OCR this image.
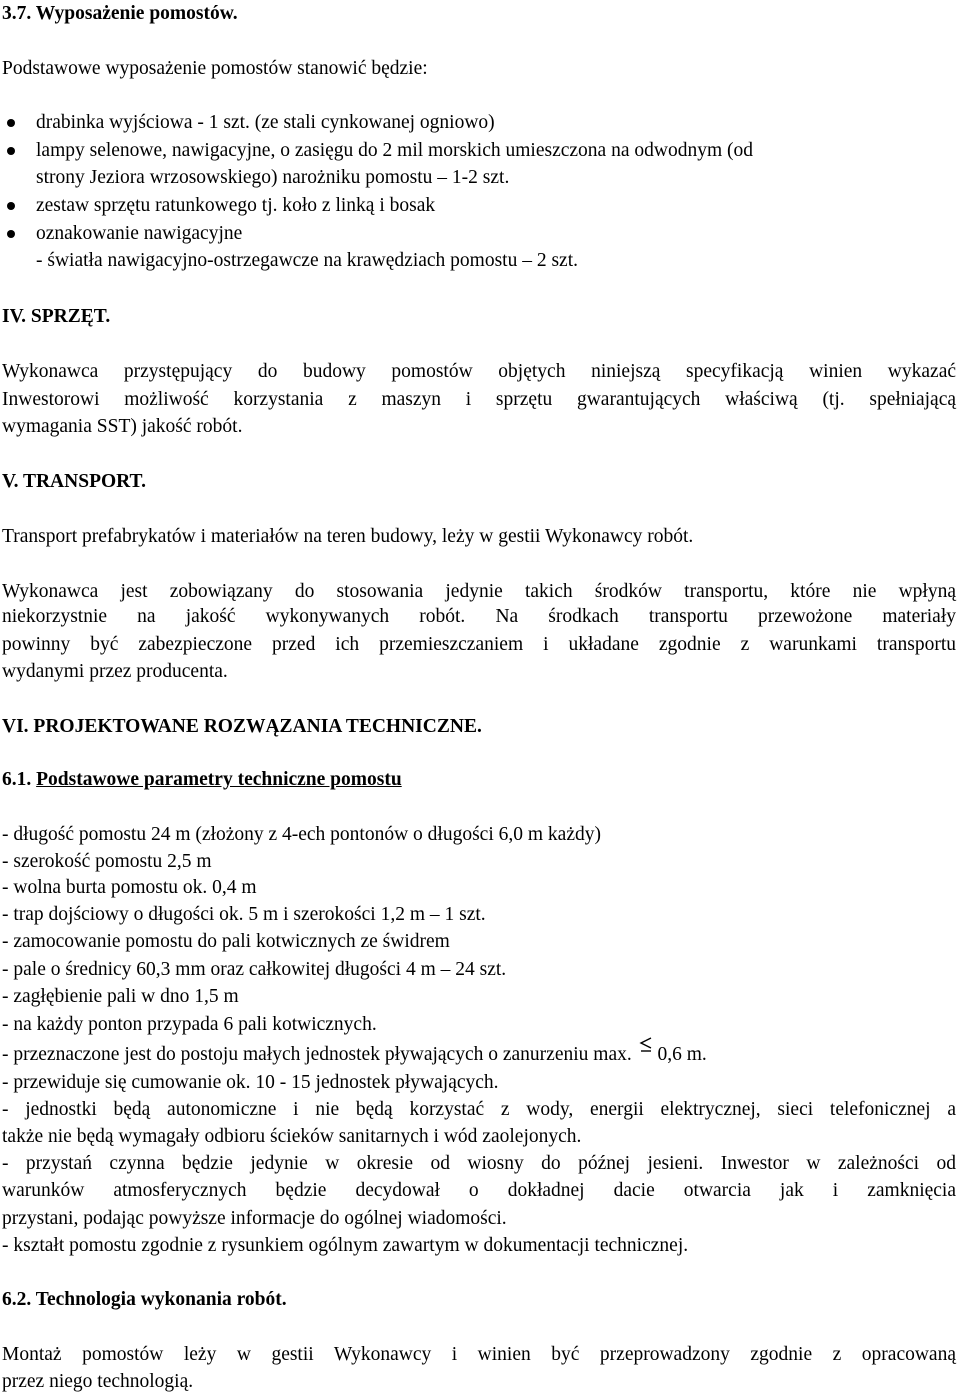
3.7. Wyposażenie pomostów.
Podstawowe wyposażenie pomostów stanowić będzie:
drabinka wyjściowa - 1 szt. (ze stali cynkowanej ogniowo)
lampy selenowe, nawigacyjne, o zasięgu do 2 mil morskich umieszczona na odwodnym (od
strony Jeziora wrzosowskiego) narożniku pomostu – 1-2 szt.
zestaw sprzętu ratunkowego tj. koło z linką i bosak
oznakowanie nawigacyjne
- światła nawigacyjno-ostrzegawcze na krawędziach pomostu – 2 szt.
IV. SPRZĘT.
Wykonawca przystępujący do budowy pomostów objętych niniejszą specyfikacją winien wykazać
Inwestorowi możliwość korzystania z maszyn i sprzętu gwarantujących właściwą (tj. spełniającą
wymagania SST) jakość robót.
V. TRANSPORT.
Transport prefabrykatów i materiałów na teren budowy, leży w gestii Wykonawcy robót.
Wykonawca jest zobowiązany do stosowania jedynie takich środków transportu, które nie wpłyną
niekorzystnie na jakość wykonywanych robót. Na środkach transportu przewożone materiały
powinny być zabezpieczone przed ich przemieszczaniem i układane zgodnie z warunkami transportu
wydanymi przez producenta.
VI. PROJEKTOWANE ROZWĄZANIA TECHNICZNE.
6.1. Podstawowe parametry techniczne pomostu
- długość pomostu 24 m (złożony z 4-ech pontonów o długości 6,0 m każdy)
- szerokość pomostu 2,5 m
- wolna burta pomostu ok. 0,4 m
- trap dojściowy o długości ok. 5 m i szerokości 1,2 m – 1 szt.
- zamocowanie pomostu do pali kotwicznych ze świdrem
- pale o średnicy 60,3 mm oraz całkowitej długości 4 m – 24 szt.
- zagłębienie pali w dno 1,5 m
- na każdy ponton przypada 6 pali kotwicznych.
- przeznaczone jest do postoju małych jednostek pływających o zanurzeniu max. 0,6 m.
- przewiduje się cumowanie ok. 10 - 15 jednostek pływających.
- jednostki będą autonomiczne i nie będą korzystać z wody, energii elektrycznej, sieci telefonicznej a
także nie będą wymagały odbioru ścieków sanitarnych i wód zaolejonych.
- przystań czynna będzie jedynie w okresie od wiosny do późnej jesieni. Inwestor w zależności od
warunków atmosferycznych będzie decydował o dokładnej dacie otwarcia jak i zamknięcia
przystani, podając powyższe informacje do ogólnej wiadomości.
- kształt pomostu zgodnie z rysunkiem ogólnym zawartym w dokumentacji technicznej.
6.2. Technologia wykonania robót.
Montaż pomostów leży w gestii Wykonawcy i winien być przeprowadzony zgodnie z opracowaną
przez niego technologią.
